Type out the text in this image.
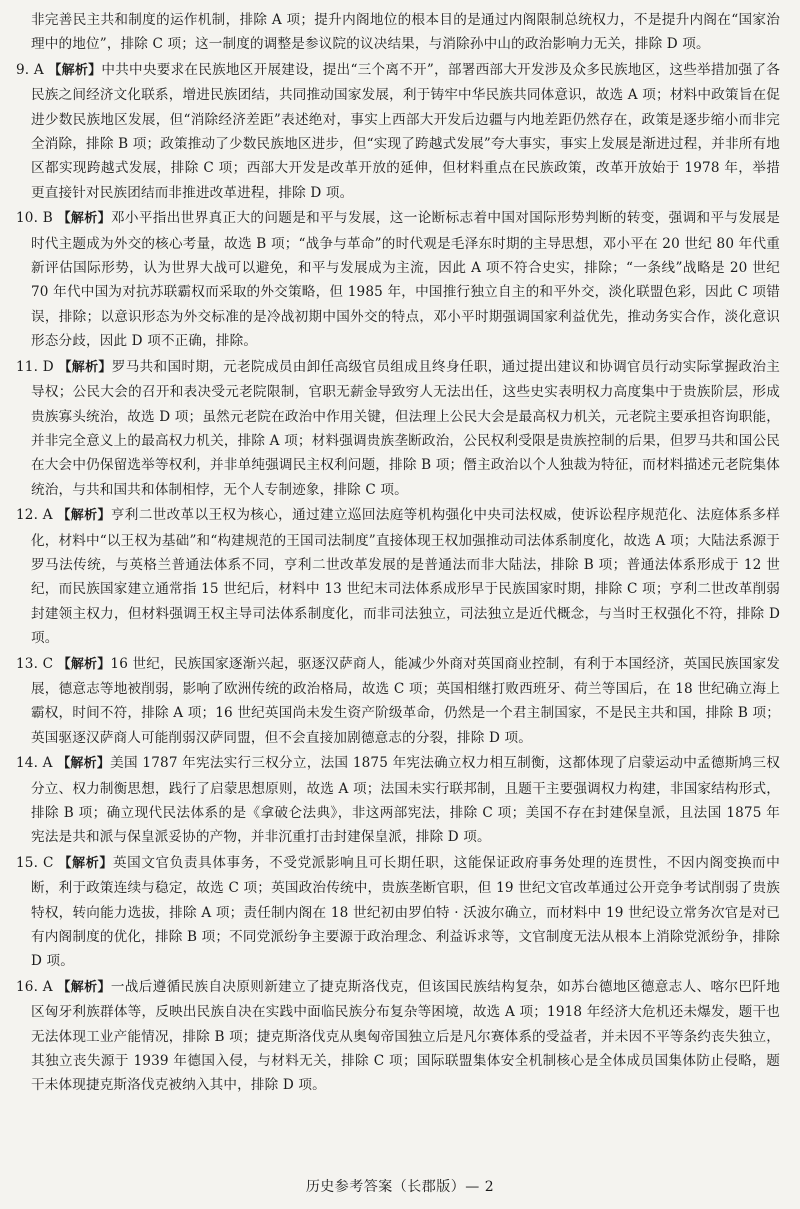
非完善民主共和制度的运作机制，排除 A 项；提升内阁地位的根本目的是通过内阁限制总统权力，不是提升内阁在“国家治理中的地位”，排除 C 项；这一制度的调整是参议院的议决结果，与消除孙中山的政治影响力无关，排除 D 项。

9. A 【解析】中共中央要求在民族地区开展建设，提出“三个离不开”，部署西部大开发涉及众多民族地区，这些举措加强了各民族之间经济文化联系，增进民族团结，共同推动国家发展，利于铸牢中华民族共同体意识，故选 A 项；材料中政策旨在促进少数民族地区发展，但“消除经济差距”表述绝对，事实上西部大开发后边疆与内地差距仍然存在，政策是逐步缩小而非完全消除，排除 B 项；政策推动了少数民族地区进步，但“实现了跨越式发展”夸大事实，事实上发展是渐进过程，并非所有地区都实现跨越式发展，排除 C 项；西部大开发是改革开放的延伸，但材料重点在民族政策，改革开放始于 1978 年，举措更直接针对民族团结而非推进改革进程，排除 D 项。

10. B 【解析】邓小平指出世界真正大的问题是和平与发展，这一论断标志着中国对国际形势判断的转变，强调和平与发展是时代主题成为外交的核心考量，故选 B 项；“战争与革命”的时代观是毛泽东时期的主导思想，邓小平在 20 世纪 80 年代重新评估国际形势，认为世界大战可以避免，和平与发展成为主流，因此 A 项不符合史实，排除；“一条线”战略是 20 世纪 70 年代中国为对抗苏联霸权而采取的外交策略，但 1985 年，中国推行独立自主的和平外交，淡化联盟色彩，因此 C 项错误，排除；以意识形态为外交标准的是冷战初期中国外交的特点，邓小平时期强调国家利益优先，推动务实合作，淡化意识形态分歧，因此 D 项不正确，排除。

11. D 【解析】罗马共和国时期，元老院成员由卸任高级官员组成且终身任职，通过提出建议和协调官员行动实际掌握政治主导权；公民大会的召开和表决受元老院限制，官职无薪金导致穷人无法出任，这些史实表明权力高度集中于贵族阶层，形成贵族寡头统治，故选 D 项；虽然元老院在政治中作用关键，但法理上公民大会是最高权力机关，元老院主要承担咨询职能，并非完全意义上的最高权力机关，排除 A 项；材料强调贵族垄断政治，公民权利受限是贵族控制的后果，但罗马共和国公民在大会中仍保留选举等权利，并非单纯强调民主权利问题，排除 B 项；僭主政治以个人独裁为特征，而材料描述元老院集体统治，与共和国共和体制相悖，无个人专制迹象，排除 C 项。

12. A 【解析】亨利二世改革以王权为核心，通过建立巡回法庭等机构强化中央司法权威，使诉讼程序规范化、法庭体系多样化，材料中“以王权为基础”和“构建规范的王国司法制度”直接体现王权加强推动司法体系制度化，故选 A 项；大陆法系源于罗马法传统，与英格兰普通法体系不同，亨利二世改革发展的是普通法而非大陆法，排除 B 项；普通法体系形成于 12 世纪，而民族国家建立通常指 15 世纪后，材料中 13 世纪末司法体系成形早于民族国家时期，排除 C 项；亨利二世改革削弱封建领主权力，但材料强调王权主导司法体系制度化，而非司法独立，司法独立是近代概念，与当时王权强化不符，排除 D 项。

13. C 【解析】16 世纪，民族国家逐渐兴起，驱逐汉萨商人，能减少外商对英国商业控制，有利于本国经济，英国民族国家发展，德意志等地被削弱，影响了欧洲传统的政治格局，故选 C 项；英国相继打败西班牙、荷兰等国后，在 18 世纪确立海上霸权，时间不符，排除 A 项；16 世纪英国尚未发生资产阶级革命，仍然是一个君主制国家，不是民主共和国，排除 B 项；英国驱逐汉萨商人可能削弱汉萨同盟，但不会直接加剧德意志的分裂，排除 D 项。

14. A 【解析】美国 1787 年宪法实行三权分立，法国 1875 年宪法确立权力相互制衡，这都体现了启蒙运动中孟德斯鸠三权分立、权力制衡思想，践行了启蒙思想原则，故选 A 项；法国未实行联邦制，且题干主要强调权力构建，非国家结构形式，排除 B 项；确立现代民法体系的是《拿破仑法典》，非这两部宪法，排除 C 项；美国不存在封建保皇派，且法国 1875 年宪法是共和派与保皇派妥协的产物，并非沉重打击封建保皇派，排除 D 项。

15. C 【解析】英国文官负责具体事务，不受党派影响且可长期任职，这能保证政府事务处理的连贯性，不因内阁变换而中断，利于政策连续与稳定，故选 C 项；英国政治传统中，贵族垄断官职，但 19 世纪文官改革通过公开竞争考试削弱了贵族特权，转向能力选拔，排除 A 项；责任制内阁在 18 世纪初由罗伯特 · 沃波尔确立，而材料中 19 世纪设立常务次官是对已有内阁制度的优化，排除 B 项；不同党派纷争主要源于政治理念、利益诉求等，文官制度无法从根本上消除党派纷争，排除 D 项。

16. A 【解析】一战后遵循民族自决原则新建立了捷克斯洛伐克，但该国民族结构复杂，如苏台德地区德意志人、喀尔巴阡地区匈牙利族群体等，反映出民族自决在实践中面临民族分布复杂等困境，故选 A 项；1918 年经济大危机还未爆发，题干也无法体现工业产能情况，排除 B 项；捷克斯洛伐克从奥匈帝国独立后是凡尔赛体系的受益者，并未因不平等条约丧失独立，其独立丧失源于 1939 年德国入侵，与材料无关，排除 C 项；国际联盟集体安全机制核心是全体成员国集体防止侵略，题干未体现捷克斯洛伐克被纳入其中，排除 D 项。

历史参考答案（长郡版）— 2
